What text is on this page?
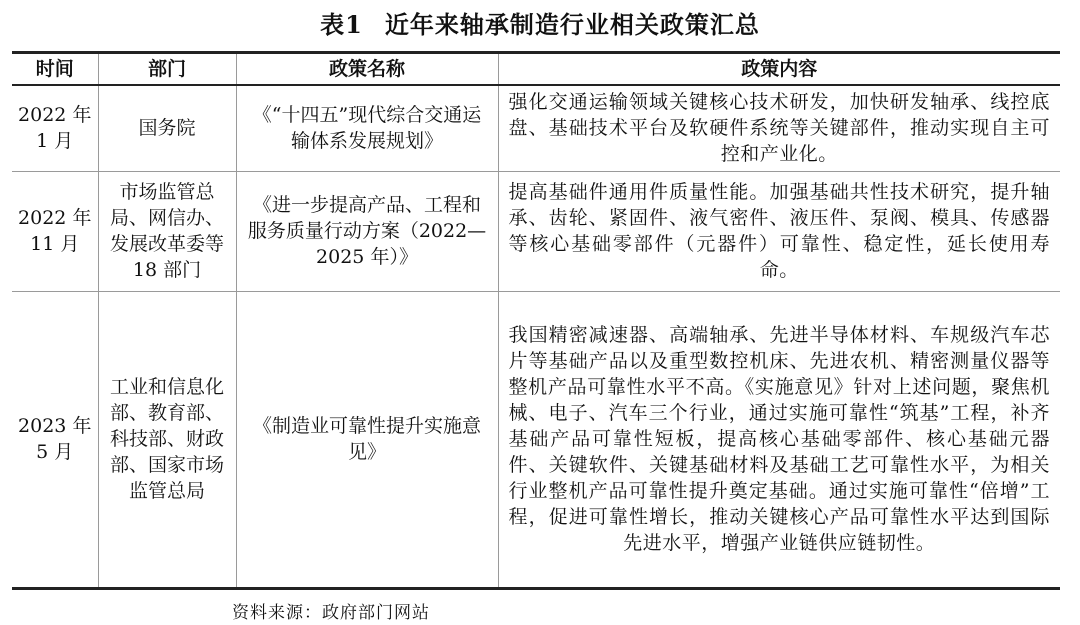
表1 近年来轴承制造行业相关政策汇总
时间	部门	政策名称	政策内容
2022 年 1 月	国务院	《“十四五”现代综合交通运输体系发展规划》	强化交通运输领域关键核心技术研发，加快研发轴承、线控底盘、基础技术平台及软硬件系统等关键部件，推动实现自主可控和产业化。
2022 年 11 月	市场监管总局、网信办、发展改革委等 18 部门	《进一步提高产品、工程和服务质量行动方案（2022—2025 年）》	提高基础件通用件质量性能。加强基础共性技术研究，提升轴承、齿轮、紧固件、液气密件、液压件、泵阀、模具、传感器等核心基础零部件（元器件）可靠性、稳定性，延长使用寿命。
2023 年 5 月	工业和信息化部、教育部、科技部、财政部、国家市场监管总局	《制造业可靠性提升实施意见》	我国精密减速器、高端轴承、先进半导体材料、车规级汽车芯片等基础产品以及重型数控机床、先进农机、精密测量仪器等整机产品可靠性水平不高。《实施意见》针对上述问题，聚焦机械、电子、汽车三个行业，通过实施可靠性“筑基”工程，补齐基础产品可靠性短板，提高核心基础零部件、核心基础元器件、关键软件、关键基础材料及基础工艺可靠性水平，为相关行业整机产品可靠性提升奠定基础。通过实施可靠性“倍增”工程，促进可靠性增长，推动关键核心产品可靠性水平达到国际先进水平，增强产业链供应链韧性。
资料来源：政府部门网站
